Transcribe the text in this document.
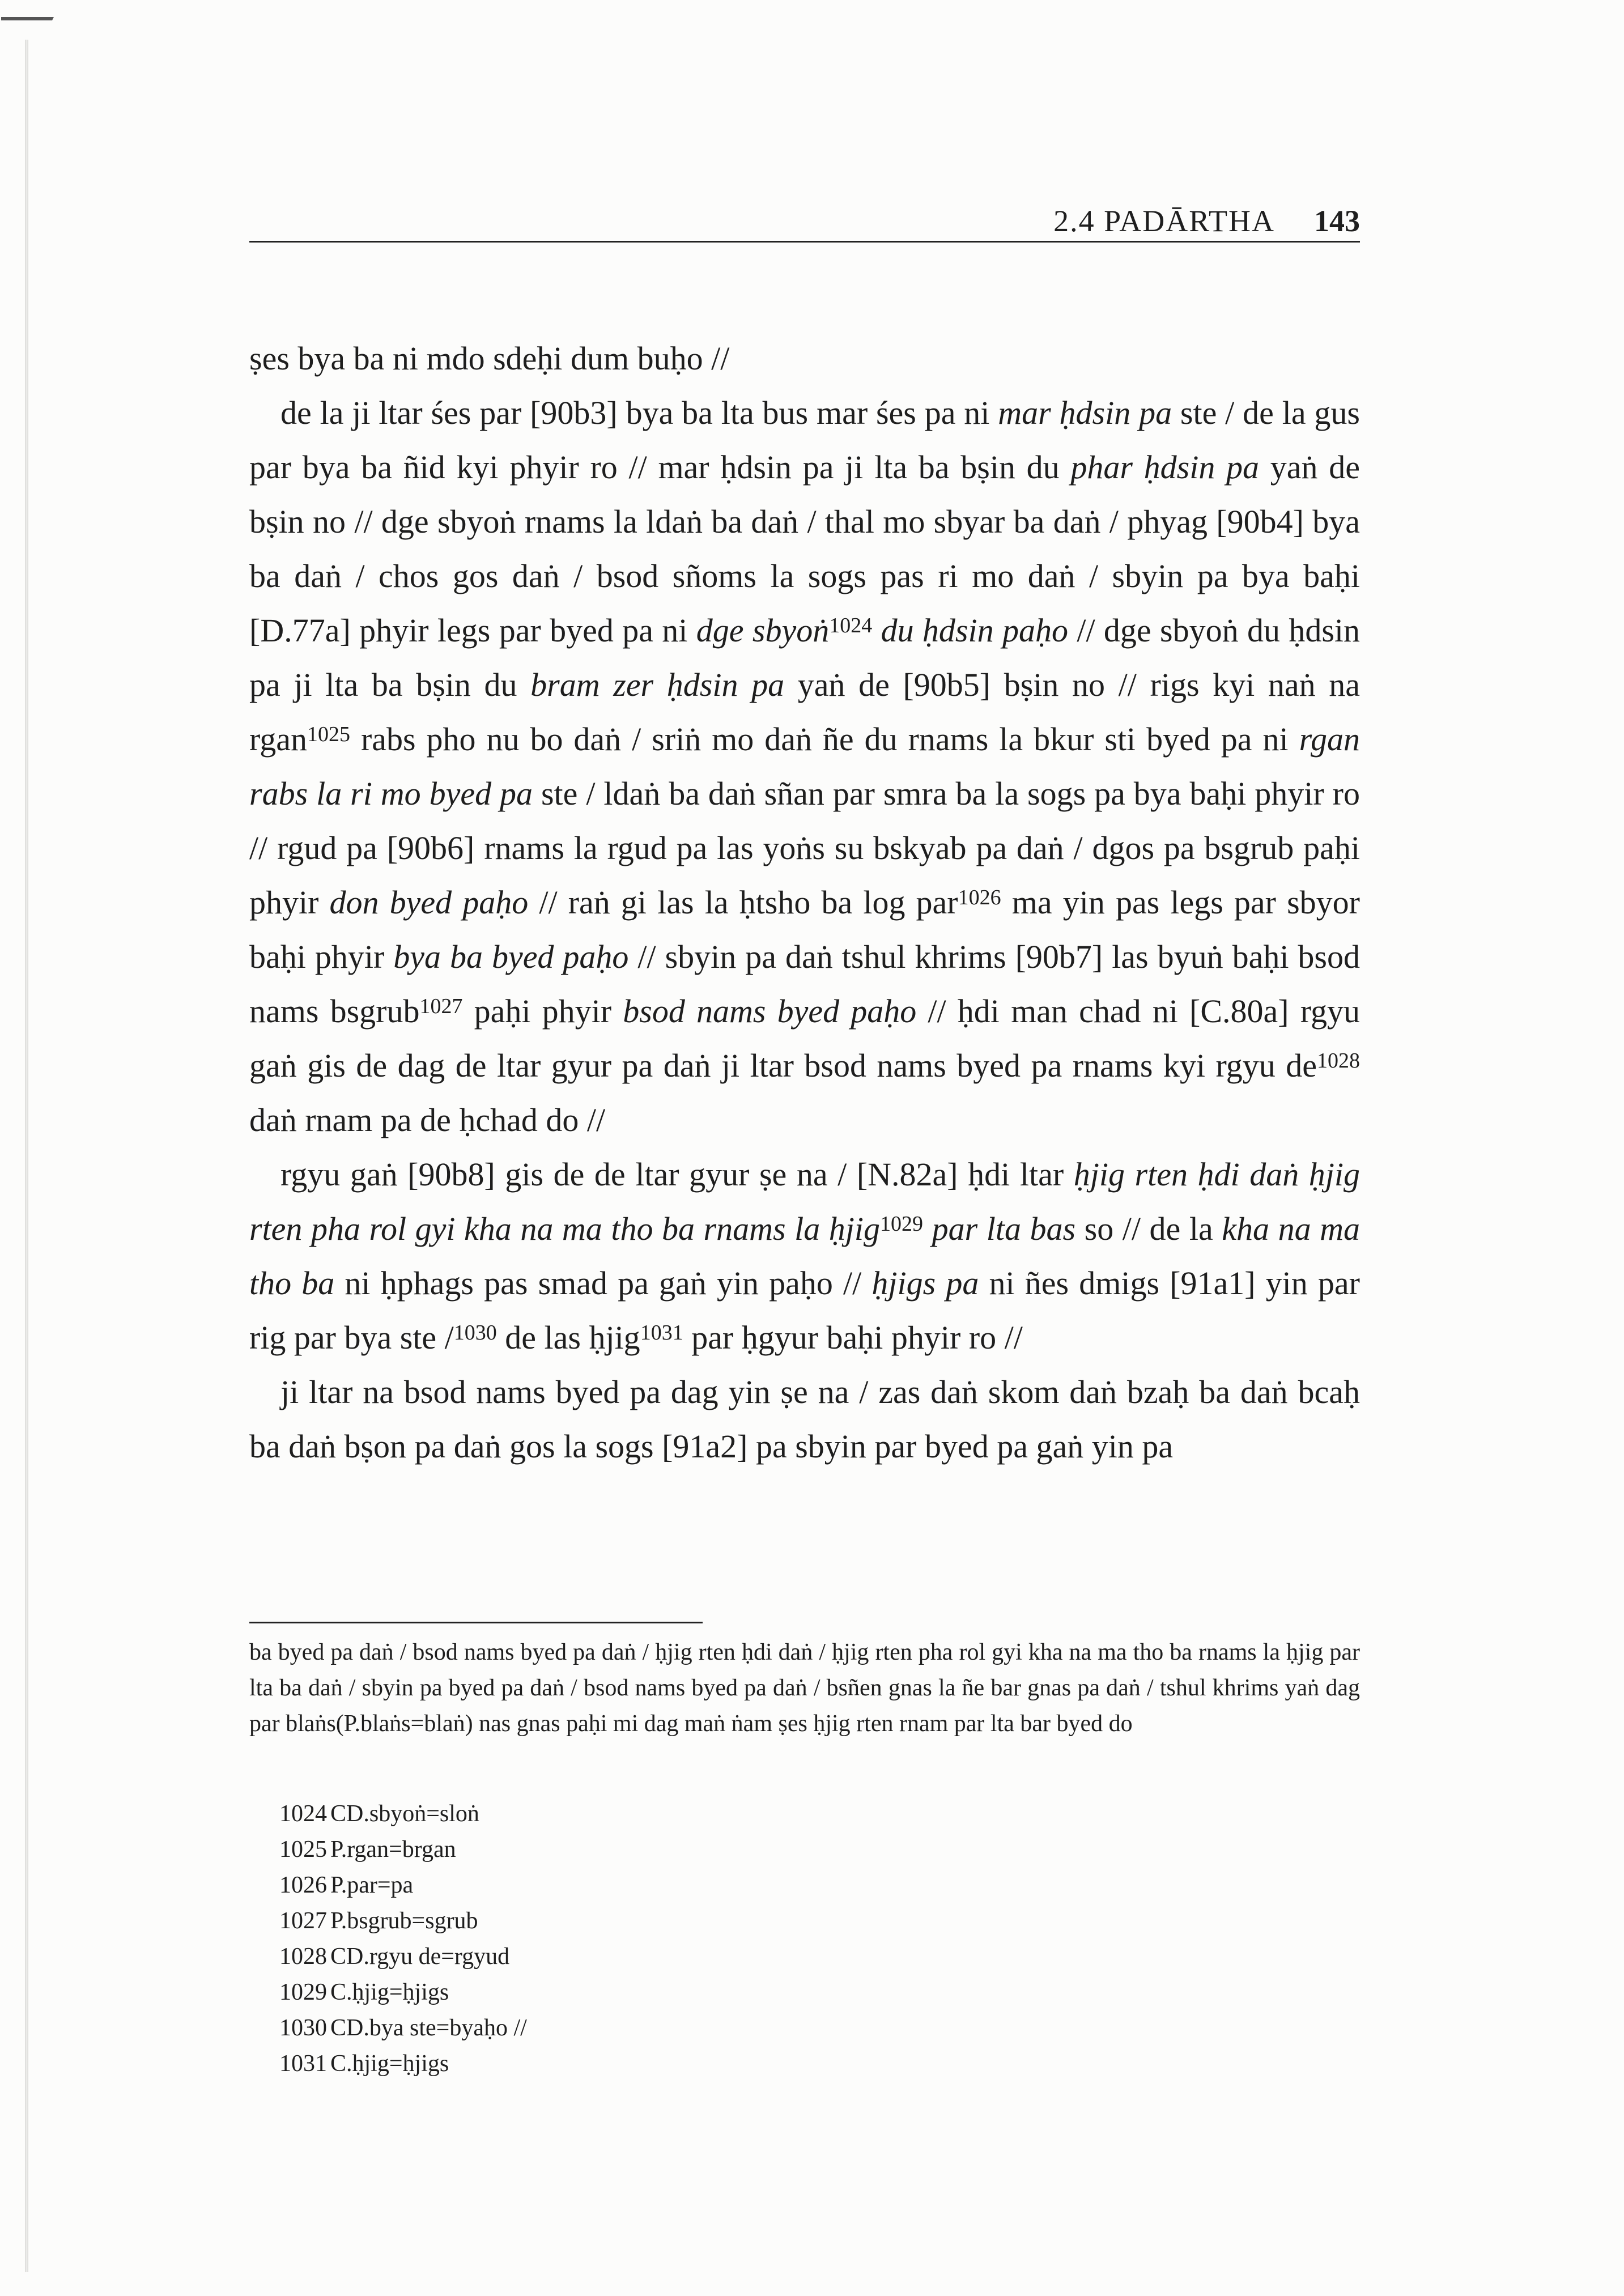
2.4 PADĀRTHA 143

ṣes bya ba ni mdo sdeḥi dum buḥo //

de la ji ltar śes par [90b3] bya ba lta bus mar śes pa ni mar ḥdsin pa ste / de la gus par bya ba ñid kyi phyir ro // mar ḥdsin pa ji lta ba bṣin du phar ḥdsin pa yaṅ de bṣin no // dge sbyoṅ rnams la ldaṅ ba daṅ / thal mo sbyar ba daṅ / phyag [90b4] bya ba daṅ / chos gos daṅ / bsod sñoms la sogs pas ri mo daṅ / sbyin pa bya baḥi [D.77a] phyir legs par byed pa ni dge sbyoṅ$^{1024}$ du ḥdsin paḥo // dge sbyoṅ du ḥdsin pa ji lta ba bṣin du bram zer ḥdsin pa yaṅ de [90b5] bṣin no // rigs kyi naṅ na rgan$^{1025}$ rabs pho nu bo daṅ / sriṅ mo daṅ ñe du rnams la bkur sti byed pa ni rgan rabs la ri mo byed pa ste / ldaṅ ba daṅ sñan par smra ba la sogs pa bya baḥi phyir ro // rgud pa [90b6] rnams la rgud pa las yoṅs su bskyab pa daṅ / dgos pa bsgrub paḥi phyir don byed paḥo // raṅ gi las la ḥtsho ba log par$^{1026}$ ma yin pas legs par sbyor baḥi phyir bya ba byed paḥo // sbyin pa daṅ tshul khrims [90b7] las byuṅ baḥi bsod nams bsgrub$^{1027}$ paḥi phyir bsod nams byed paḥo // ḥdi man chad ni [C.80a] rgyu gaṅ gis de dag de ltar gyur pa daṅ ji ltar bsod nams byed pa rnams kyi rgyu $de^{1028}$ daṅ rnam pa de ḥchad do //

rgyu gaṅ [90b8] gis de de ltar gyur ṣe na / [N.82a] ḥdi ltar ḥjig rten ḥdi daṅ ḥjig rten pha rol gyi kha na ma tho ba rnams la ḥjig$^{1029}$ par lta bas so // de la kha na ma tho ba ni ḥphags pas smad pa gaṅ yin paḥo // ḥjigs pa ni ñes dmigs [91a1] yin par rig par bya ste /$^{1030}$ de las ḥjig$^{1031}$ par ḥgyur baḥi phyir ro //

ji ltar na bsod nams byed pa dag yin ṣe na / zas daṅ skom daṅ bzaḥ ba daṅ bcaḥ ba daṅ bṣon pa daṅ gos la sogs [91a2] pa sbyin par byed pa gaṅ yin pa

ba byed pa daṅ / bsod nams byed pa daṅ / ḥjig rten ḥdi daṅ / ḥjig rten pha rol gyi kha na ma tho ba rnams la ḥjig par lta ba daṅ / sbyin pa byed pa daṅ / bsod nams byed pa daṅ / bsñen gnas la ñe bar gnas pa daṅ / tshul khrims yaṅ dag par blaṅs(P.blaṅs=blaṅ) nas gnas paḥi mi dag maṅ ṅam ṣes ḥjig rten rnam par lta bar byed do
1024 CD.sbyoṅ=sloṅ
1025 P.rgan=brgan
1026 P.par=pa
1027 P.bsgrub=sgrub
1028 CD.rgyu de=rgyud
1029 C.ḥjig=ḥjigs
1030 CD.bya ste=byaḥo //
1031 C.ḥjig=ḥjigs
